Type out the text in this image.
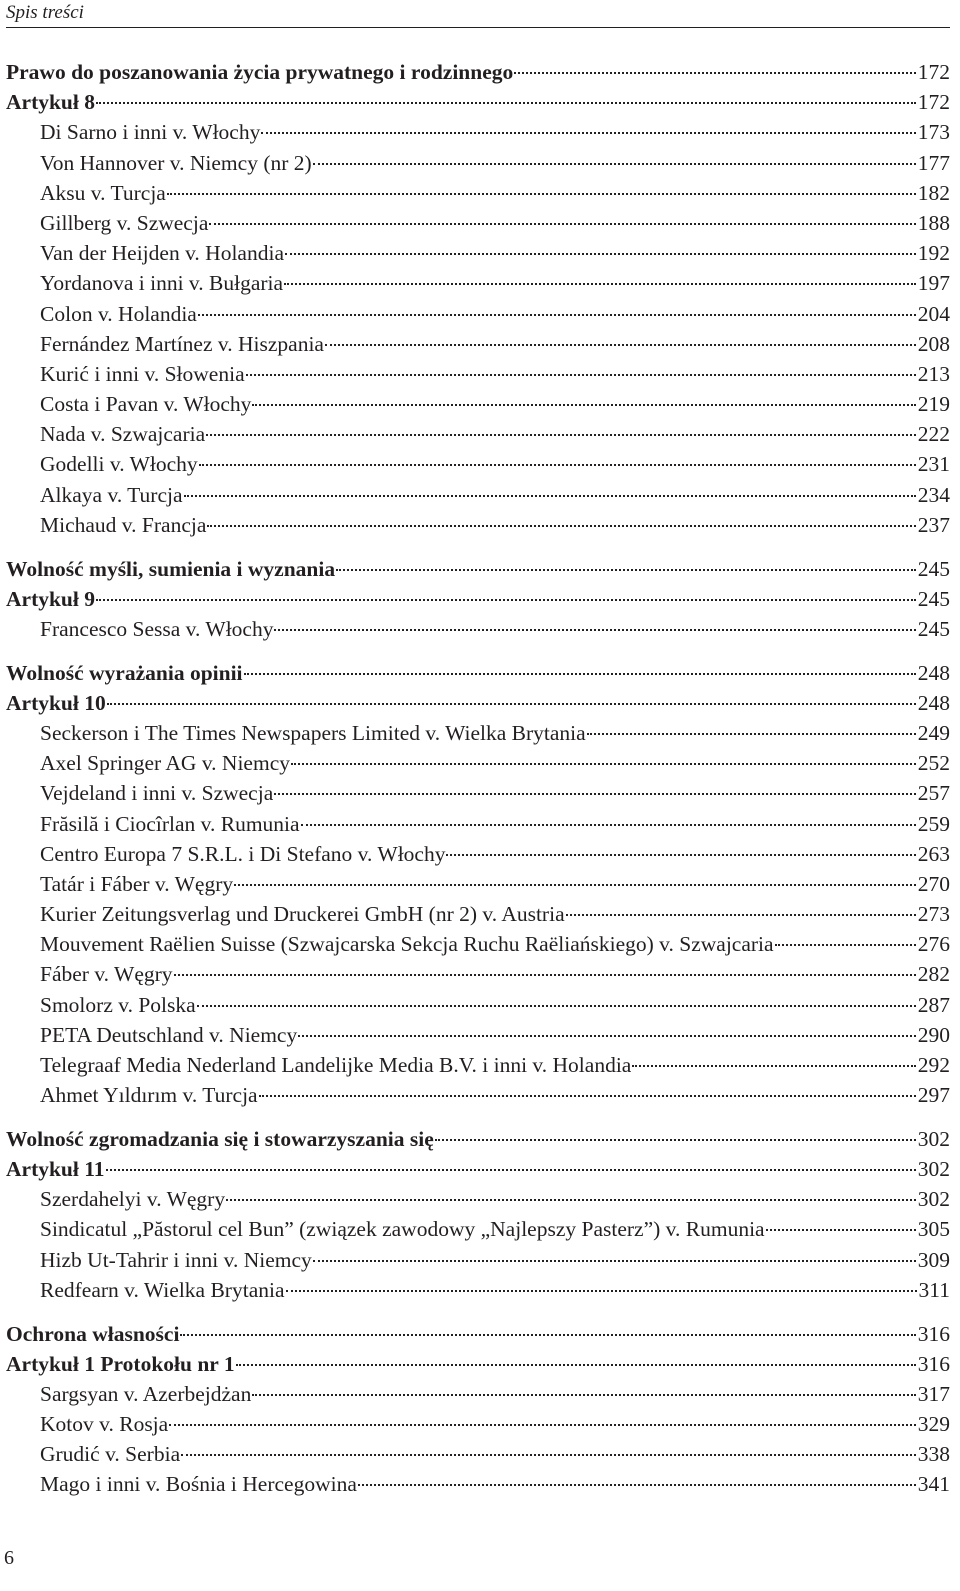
Spis treści
Prawo do poszanowania życia prywatnego i rodzinnego	172
Artykuł 8	172
Di Sarno i inni v. Włochy	173
Von Hannover v. Niemcy (nr 2)	177
Aksu v. Turcja	182
Gillberg v. Szwecja	188
Van der Heijden v. Holandia	192
Yordanova i inni v. Bułgaria	197
Colon v. Holandia	204
Fernández Martínez v. Hiszpania	208
Kurić i inni v. Słowenia	213
Costa i Pavan v. Włochy	219
Nada v. Szwajcaria	222
Godelli v. Włochy	231
Alkaya v. Turcja	234
Michaud v. Francja	237
Wolność myśli, sumienia i wyznania	245
Artykuł 9	245
Francesco Sessa v. Włochy	245
Wolność wyrażania opinii	248
Artykuł 10	248
Seckerson i The Times Newspapers Limited v. Wielka Brytania	249
Axel Springer AG v. Niemcy	252
Vejdeland i inni v. Szwecja	257
Frăsilă i Ciocîrlan v. Rumunia	259
Centro Europa 7 S.R.L. i Di Stefano v. Włochy	263
Tatár i Fáber v. Węgry	270
Kurier Zeitungsverlag und Druckerei GmbH (nr 2) v. Austria	273
Mouvement Raëlien Suisse (Szwajcarska Sekcja Ruchu Raëliańskiego) v. Szwajcaria	276
Fáber v. Węgry	282
Smolorz v. Polska	287
PETA Deutschland v. Niemcy	290
Telegraaf Media Nederland Landelijke Media B.V. i inni v. Holandia	292
Ahmet Yıldırım v. Turcja	297
Wolność zgromadzania się i stowarzyszania się	302
Artykuł 11	302
Szerdahelyi v. Węgry	302
Sindicatul „Păstorul cel Bun” (związek zawodowy „Najlepszy Pasterz”) v. Rumunia	305
Hizb Ut-Tahrir i inni v. Niemcy	309
Redfearn v. Wielka Brytania	311
Ochrona własności	316
Artykuł 1 Protokołu nr 1	316
Sargsyan v. Azerbejdżan	317
Kotov v. Rosja	329
Grudić v. Serbia	338
Mago i inni v. Bośnia i Hercegowina	341
6
